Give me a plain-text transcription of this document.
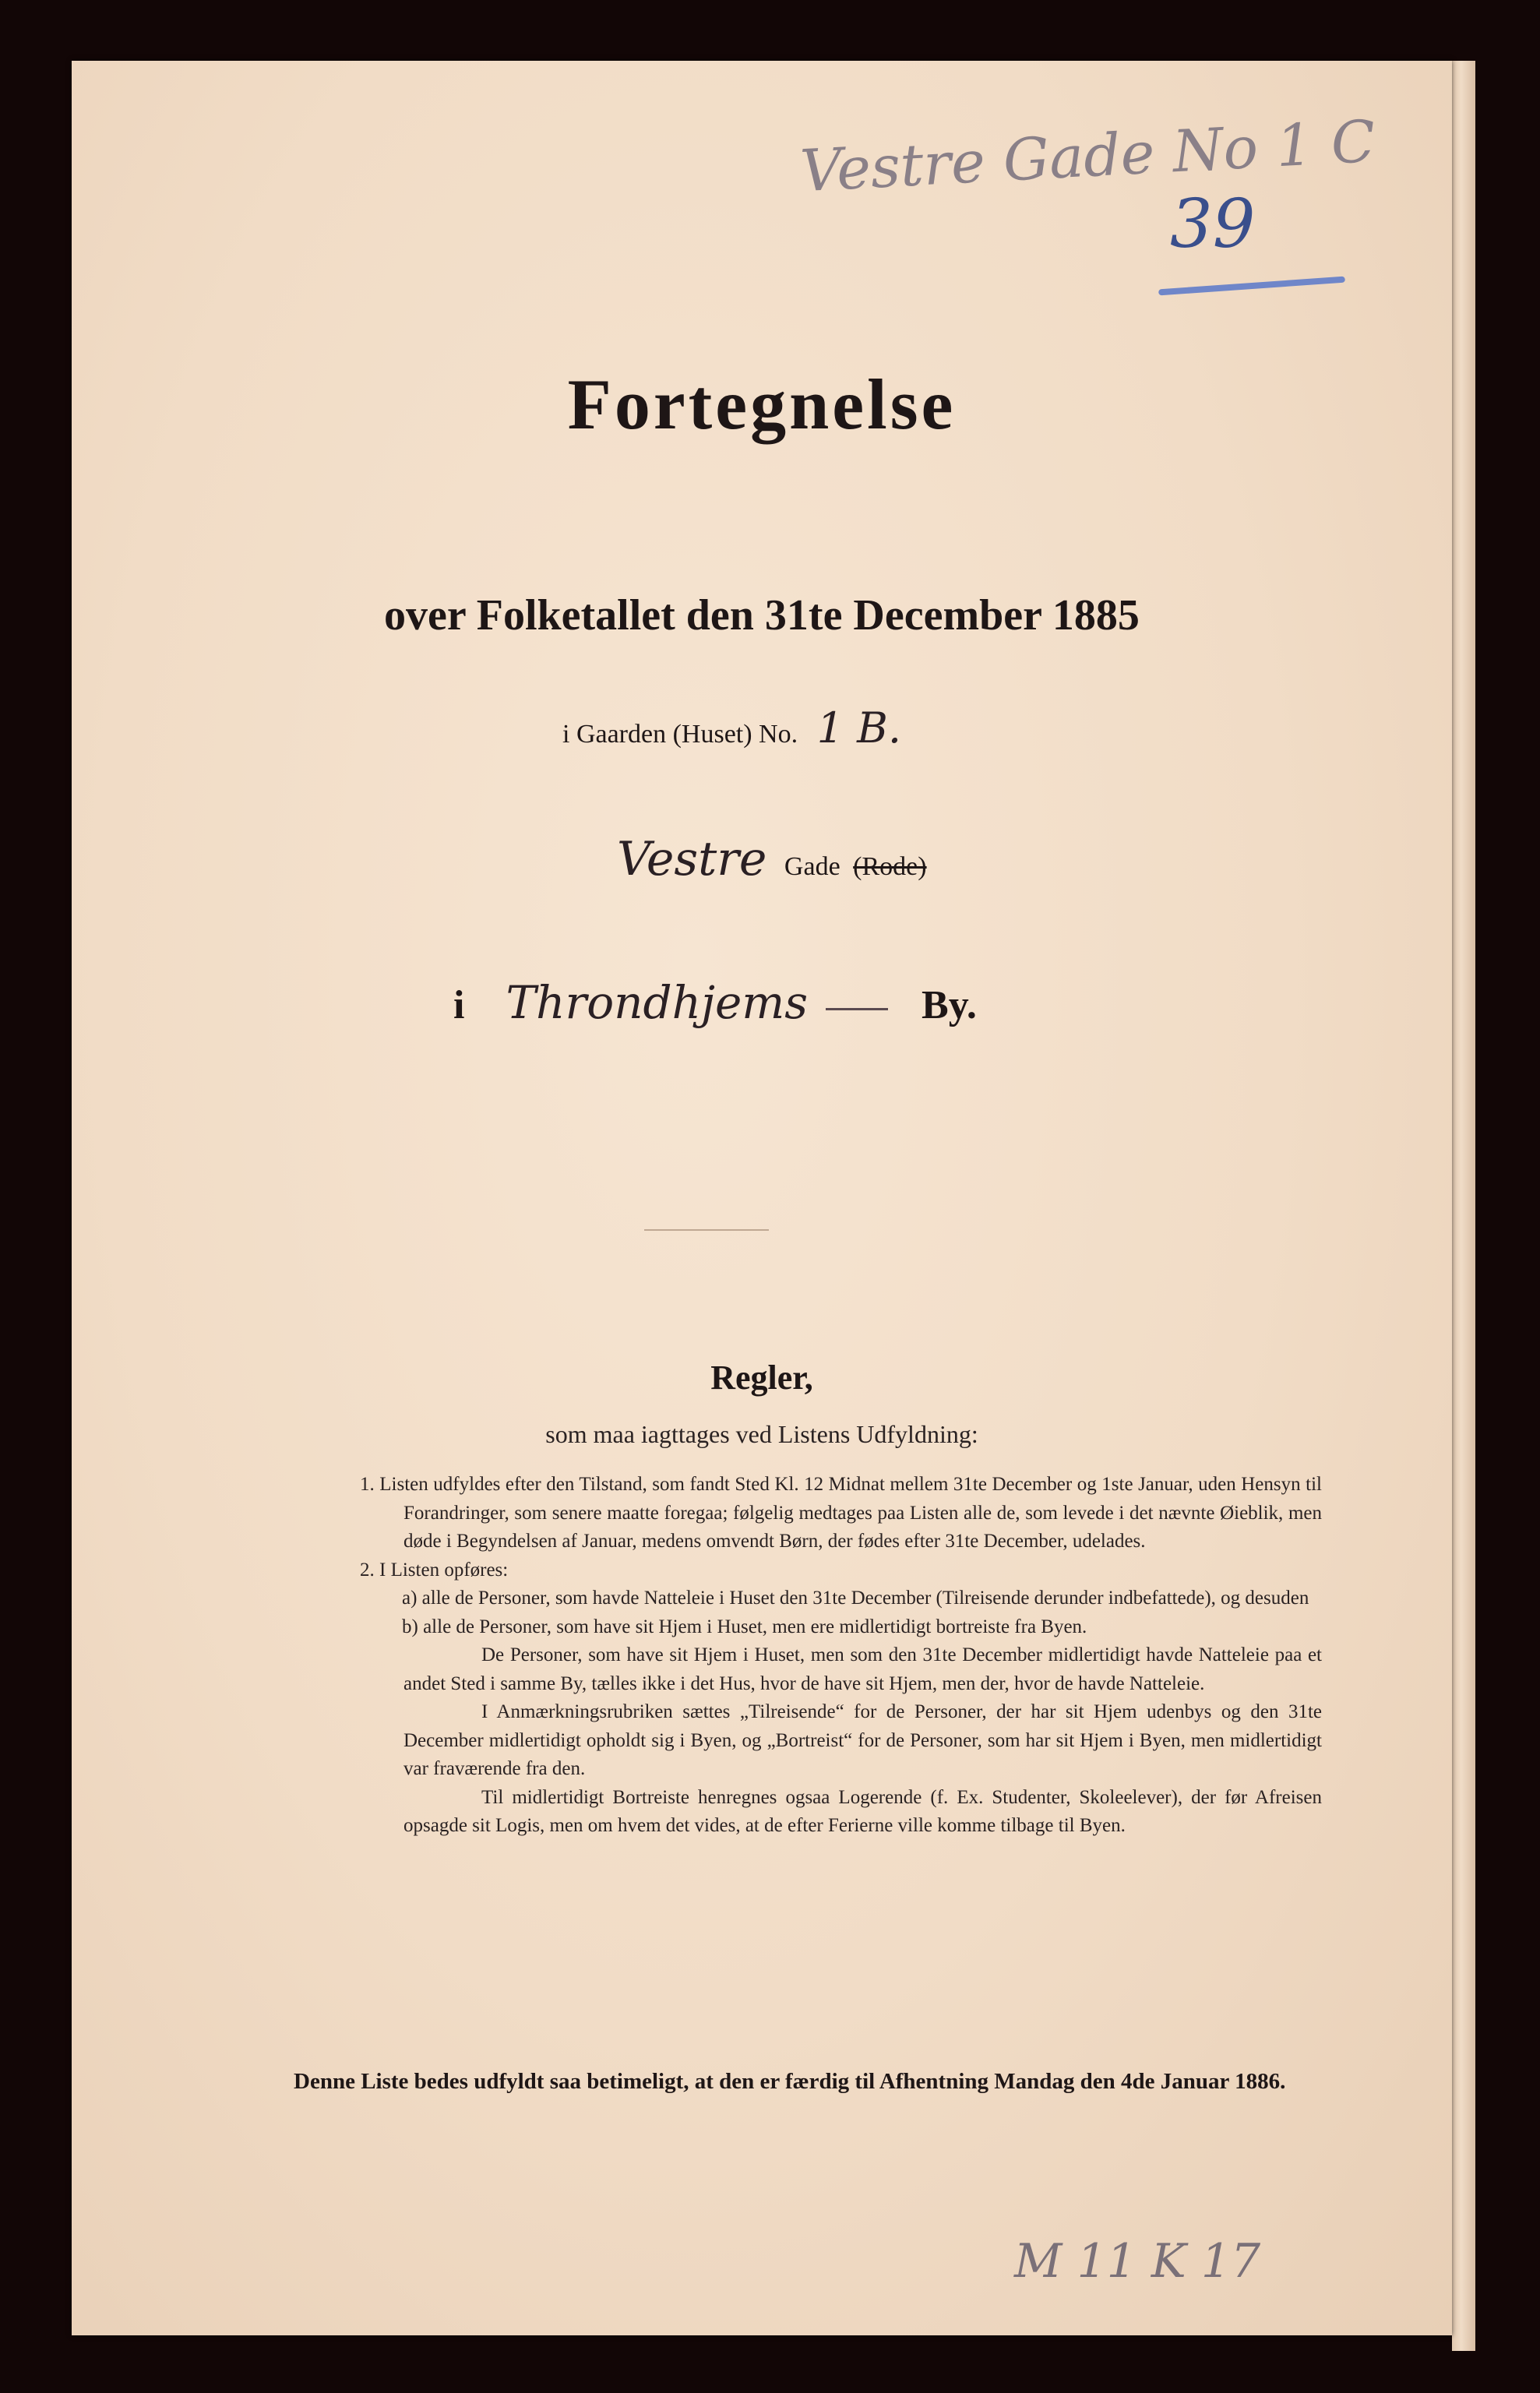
Vestre Gade No 1 C
39
Fortegnelse
over Folketallet den 31te December 1885
i Gaarden (Huset) No. 1 B.
Vestre Gade (Rode)
i Throndhjems	By.
Regler,
som maa iagttages ved Listens Udfyldning:

1. Listen udfyldes efter den Tilstand, som fandt Sted Kl. 12 Midnat mellem 31te December og 1ste Januar, uden Hensyn til Forandringer, som senere maatte foregaa; følgelig medtages paa Listen alle de, som levede i det nævnte Øieblik, men døde i Begyndelsen af Januar, medens omvendt Børn, der fødes efter 31te December, udelades.

2. I Listen opføres:

a) alle de Personer, som havde Natteleie i Huset den 31te December (Tilreisende derunder indbefattede), og desuden

b) alle de Personer, som have sit Hjem i Huset, men ere midlertidigt bortreiste fra Byen.

De Personer, som have sit Hjem i Huset, men som den 31te December midlertidigt havde Natteleie paa et andet Sted i samme By, tælles ikke i det Hus, hvor de have sit Hjem, men der, hvor de havde Natteleie.

I Anmærkningsrubriken sættes „Tilreisende“ for de Personer, der har sit Hjem udenbys og den 31te December midlertidigt opholdt sig i Byen, og „Bortreist“ for de Personer, som har sit Hjem i Byen, men midlertidigt var fraværende fra den.

Til midlertidigt Bortreiste henregnes ogsaa Logerende (f. Ex. Studenter, Skoleelever), der før Afreisen opsagde sit Logis, men om hvem det vides, at de efter Ferierne ville komme tilbage til Byen.

Denne Liste bedes udfyldt saa betimeligt, at den er færdig til Afhentning Mandag den 4de Januar 1886.
M 11 K 17
